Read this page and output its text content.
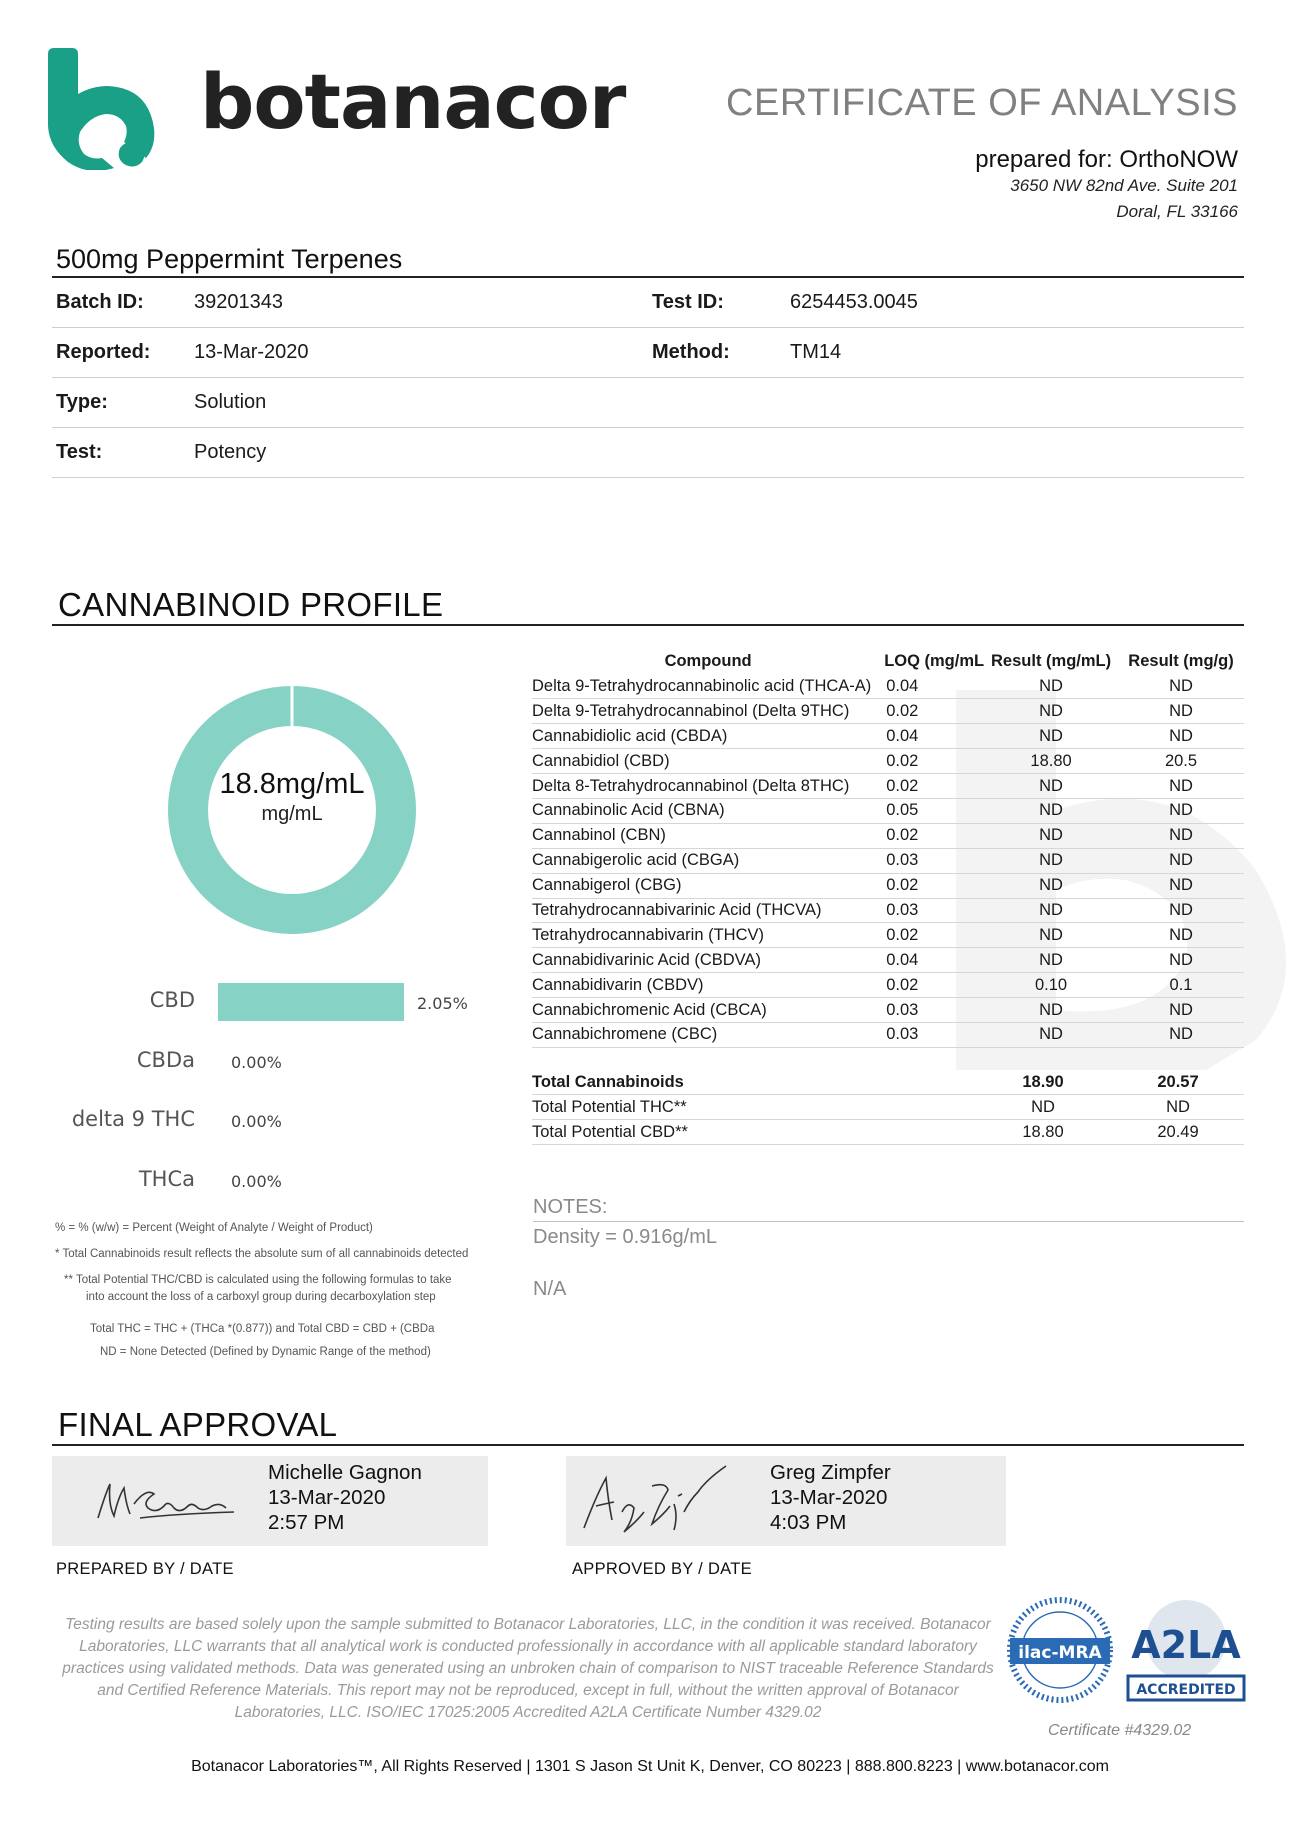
botanacor	CERTIFICATE OF ANALYSIS
prepared for: OrthoNOW
3650 NW 82nd Ave. Suite 201
Doral, FL 33166
500mg Peppermint Terpenes
Batch ID:	39201343	Test ID:	6254453.0045
Reported: 13-Mar-2020	Method:	TM14
Type:	Solution
Test:	Potency
CANNABINOID PROFILE
18.8mg/mL
mg/mL
CBD	2.05%
CBDa 0.00%
delta 9 THC 0.00%
THCa 0.00%
% = % (w/w) = Percent (Weight of Analyte / Weight of Product)
* Total Cannabinoids result reflects the absolute sum of all cannabinoids detected
** Total Potential THC/CBD is calculated using the following formulas to take
into account the loss of a carboxyl group during decarboxylation step
Total THC = THC + (THCa *(0.877)) and Total CBD = CBD + (CBDa
ND = None Detected (Defined by Dynamic Range of the method)
Compound	LOQ (mg/mL	Result (mg/mL)	Result (mg/g)
Delta 9-Tetrahydrocannabinolic acid (THCA-A)	0.04	ND	ND
Delta 9-Tetrahydrocannabinol (Delta 9THC)	0.02	ND	ND
Cannabidiolic acid (CBDA)	0.04	ND	ND
Cannabidiol (CBD)	0.02	18.80	20.5
Delta 8-Tetrahydrocannabinol (Delta 8THC)	0.02	ND	ND
Cannabinolic Acid (CBNA)	0.05	ND	ND
Cannabinol (CBN)	0.02	ND	ND
Cannabigerolic acid (CBGA)	0.03	ND	ND
Cannabigerol (CBG)	0.02	ND	ND
Tetrahydrocannabivarinic Acid (THCVA)	0.03	ND	ND
Tetrahydrocannabivarin (THCV)	0.02	ND	ND
Cannabidivarinic Acid (CBDVA)	0.04	ND	ND
Cannabidivarin (CBDV)	0.02	0.10	0.1
Cannabichromenic Acid (CBCA)	0.03	ND	ND
Cannabichromene (CBC)	0.03	ND	ND
Total Cannabinoids		18.90	20.57
Total Potential THC**		ND	ND
Total Potential CBD**		18.80	20.49
NOTES:
Density = 0.916g/mL
N/A
FINAL APPROVAL
Michelle Gagnon
13-Mar-2020
2:57 PM
Greg Zimpfer
13-Mar-2020
4:03 PM
PREPARED BY / DATE	APPROVED BY / DATE
Testing results are based solely upon the sample submitted to Botanacor Laboratories, LLC, in the condition it was received. Botanacor Laboratories, LLC warrants that all analytical work is conducted professionally in accordance with all applicable standard laboratory practices using validated methods. Data was generated using an unbroken chain of comparison to NIST traceable Reference Standards and Certified Reference Materials. This report may not be reproduced, except in full, without the written approval of Botanacor Laboratories, LLC. ISO/IEC 17025:2005 Accredited A2LA Certificate Number 4329.02
ilac-MRA A2LA
ACCREDITED
Certificate #4329.02
Botanacor Laboratories™, All Rights Reserved | 1301 S Jason St Unit K, Denver, CO 80223 | 888.800.8223 | www.botanacor.com
